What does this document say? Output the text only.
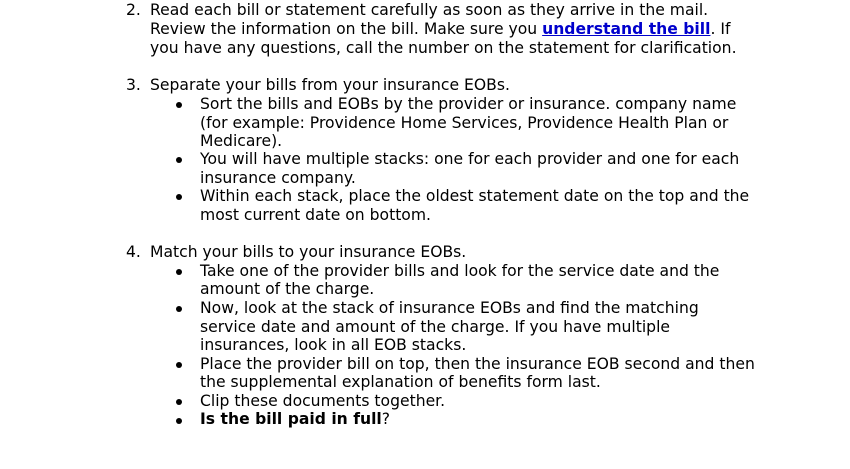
2. Read each bill or statement carefully as soon as they arrive in the mail.
Review the information on the bill. Make sure you understand the bill. If
you have any questions, call the number on the statement for clarification.
3. Separate your bills from your insurance EOBs.
Sort the bills and EOBs by the provider or insurance. company name
(for example: Providence Home Services, Providence Health Plan or
Medicare).
You will have multiple stacks: one for each provider and one for each
insurance company.
Within each stack, place the oldest statement date on the top and the
most current date on bottom.
4. Match your bills to your insurance EOBs.
Take one of the provider bills and look for the service date and the
amount of the charge.
Now, look at the stack of insurance EOBs and find the matching
service date and amount of the charge. If you have multiple
insurances, look in all EOB stacks.
Place the provider bill on top, then the insurance EOB second and then
the supplemental explanation of benefits form last.
Clip these documents together.
Is the bill paid in full?
